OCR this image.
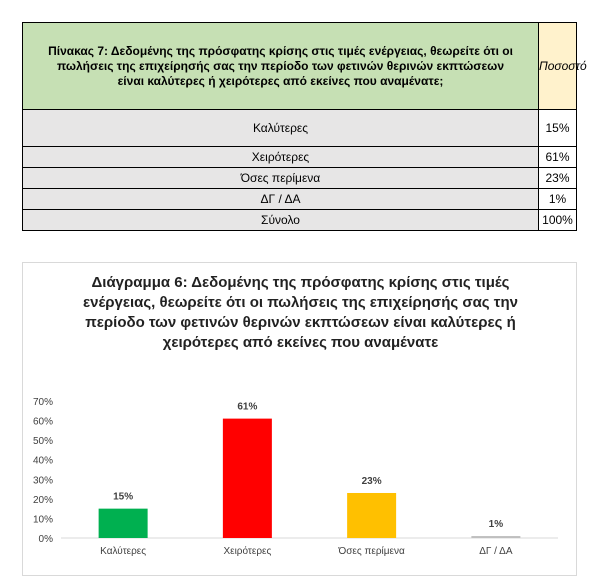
Πίνακας 7: Δεδομένης της πρόσφατης κρίσης στις τιμές ενέργειας, θεωρείτε ότι οι πωλήσεις της επιχείρησής σας την περίοδο των φετινών θερινών εκπτώσεων είναι καλύτερες ή χειρότερες από εκείνες που αναμένατε;	Ποσοστό
Καλύτερες	15%
Χειρότερες	61%
Όσες περίμενα	23%
ΔΓ / ΔΑ	1%
Σύνολο	100%
Διάγραμμα 6: Δεδομένης της πρόσφατης κρίσης στις τιμές ενέργειας, θεωρείτε ότι οι πωλήσεις της επιχείρησής σας την περίοδο των φετινών θερινών εκπτώσεων είναι καλύτερες ή χειρότερες από εκείνες που αναμένατε
0%
10%
20%
30%
40%
50%
60%
70%
15%
Καλύτερες
61%
Χειρότερες
23%
Όσες περίμενα
1%
ΔΓ / ΔΑ
